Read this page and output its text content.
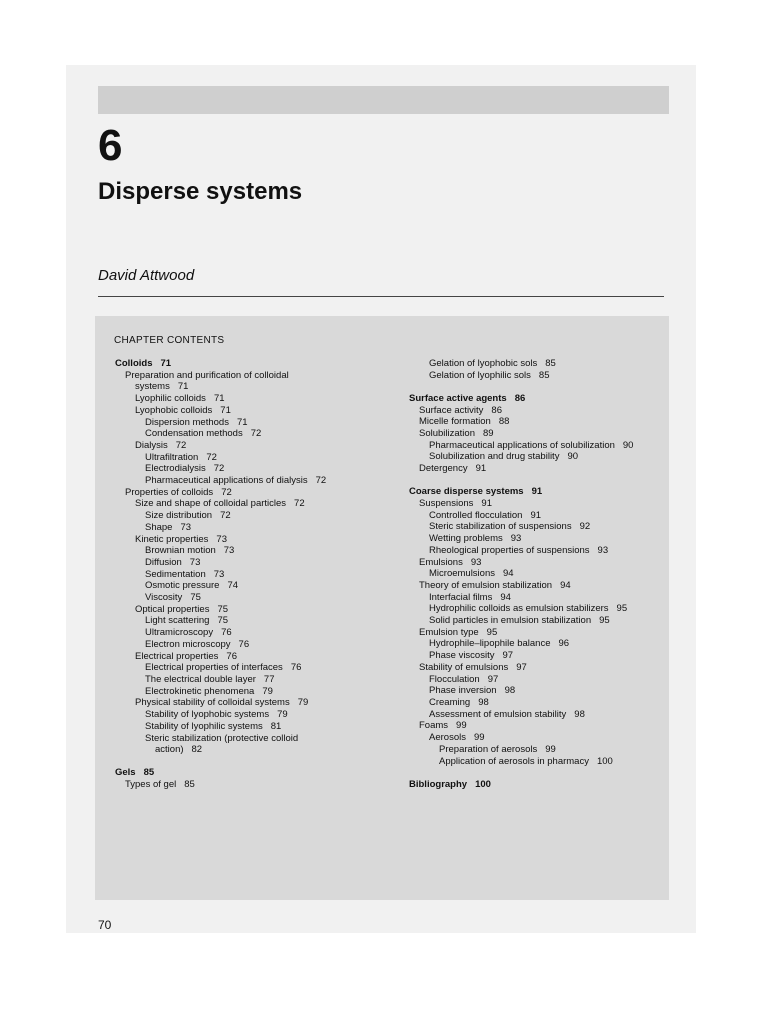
6
Disperse systems
David Attwood
CHAPTER CONTENTS
Colloids 71
Preparation and purification of colloidal
systems 71
Lyophilic colloids 71
Lyophobic colloids 71
Dispersion methods 71
Condensation methods 72
Dialysis 72
Ultrafiltration 72
Electrodialysis 72
Pharmaceutical applications of dialysis 72
Properties of colloids 72
Size and shape of colloidal particles 72
Size distribution 72
Shape 73
Kinetic properties 73
Brownian motion 73
Diffusion 73
Sedimentation 73
Osmotic pressure 74
Viscosity 75
Optical properties 75
Light scattering 75
Ultramicroscopy 76
Electron microscopy 76
Electrical properties 76
Electrical properties of interfaces 76
The electrical double layer 77
Electrokinetic phenomena 79
Physical stability of colloidal systems 79
Stability of lyophobic systems 79
Stability of lyophilic systems 81
Steric stabilization (protective colloid
action) 82
Gels 85
Types of gel 85
Gelation of lyophobic sols 85
Gelation of lyophilic sols 85
Surface active agents 86
Surface activity 86
Micelle formation 88
Solubilization 89
Pharmaceutical applications of solubilization 90
Solubilization and drug stability 90
Detergency 91
Coarse disperse systems 91
Suspensions 91
Controlled flocculation 91
Steric stabilization of suspensions 92
Wetting problems 93
Rheological properties of suspensions 93
Emulsions 93
Microemulsions 94
Theory of emulsion stabilization 94
Interfacial films 94
Hydrophilic colloids as emulsion stabilizers 95
Solid particles in emulsion stabilization 95
Emulsion type 95
Hydrophile–lipophile balance 96
Phase viscosity 97
Stability of emulsions 97
Flocculation 97
Phase inversion 98
Creaming 98
Assessment of emulsion stability 98
Foams 99
Aerosols 99
Preparation of aerosols 99
Application of aerosols in pharmacy 100
Bibliography 100
70
